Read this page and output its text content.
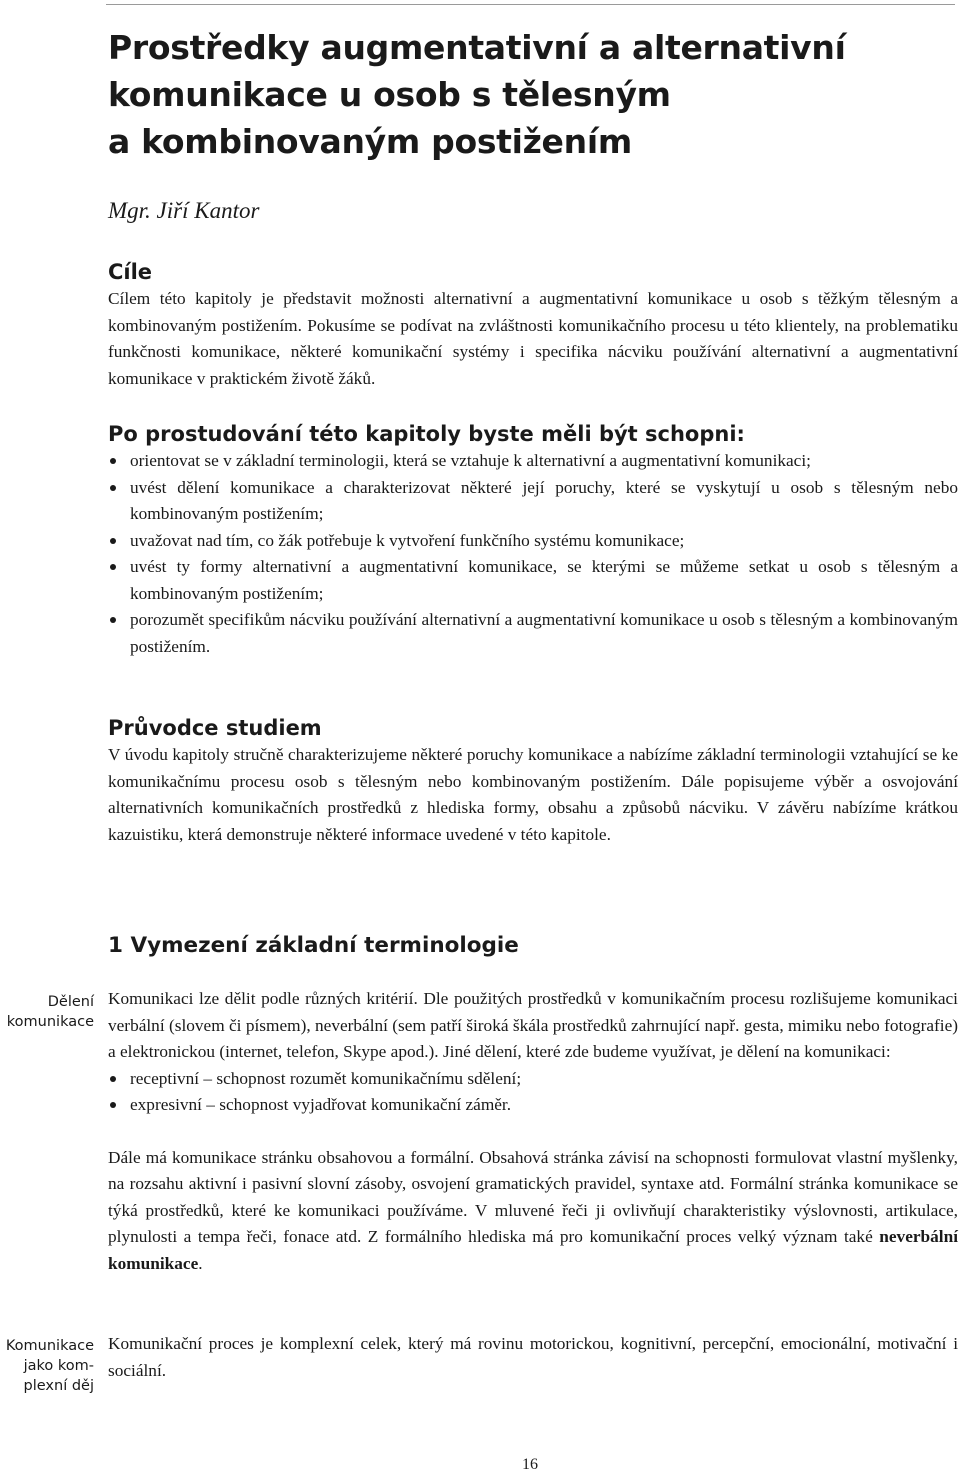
Prostředky augmentativní a alternativní
komunikace u osob s tělesným
a kombinovaným postižením

Mgr. Jiří Kantor

Cíle

Cílem této kapitoly je představit možnosti alternativní a augmentativní komunikace u osob s těžkým tělesným a kombinovaným postižením. Pokusíme se podívat na zvláštnosti komunikačního procesu u této klientely, na problematiku funkčnosti komunikace, některé komunikační systémy i specifika nácviku používání alternativní a augmentativní komunikace v praktickém životě žáků.

Po prostudování této kapitoly byste měli být schopni:
orientovat se v základní terminologii, která se vztahuje k alternativní a augmentativní komunikaci;
uvést dělení komunikace a charakterizovat některé její poruchy, které se vyskytují u osob s tělesným nebo kombinovaným postižením;
uvažovat nad tím, co žák potřebuje k vytvoření funkčního systému komunikace;
uvést ty formy alternativní a augmentativní komunikace, se kterými se můžeme setkat u osob s tělesným a kombinovaným postižením;
porozumět specifikům nácviku používání alternativní a augmentativní komunikace u osob s tělesným a kombinovaným postižením.
Průvodce studiem

V úvodu kapitoly stručně charakterizujeme některé poruchy komunikace a nabízíme základní terminologii vztahující se ke komunikačnímu procesu osob s tělesným nebo kombinovaným postižením. Dále popisujeme výběr a osvojování alternativních komunikačních prostředků z hlediska formy, obsahu a způsobů nácviku. V závěru nabízíme krátkou kazuistiku, která demonstruje některé informace uvedené v této kapitole.

1 Vymezení základní terminologie
Dělení
komunikace

Komunikaci lze dělit podle různých kritérií. Dle použitých prostředků v komunikačním procesu rozlišujeme komunikaci verbální (slovem či písmem), neverbální (sem patří široká škála prostředků zahrnující např. gesta, mimiku nebo fotografie) a elektronickou (internet, telefon, Skype apod.). Jiné dělení, které zde budeme využívat, je dělení na komunikaci:

receptivní – schopnost rozumět komunikačnímu sdělení;
expresivní – schopnost vyjadřovat komunikační záměr.

Dále má komunikace stránku obsahovou a formální. Obsahová stránka závisí na schopnosti formulovat vlastní myšlenky, na rozsahu aktivní i pasivní slovní zásoby, osvojení gramatických pravidel, syntaxe atd. Formální stránka komunikace se týká prostředků, které ke komunikaci používáme. V mluvené řeči ji ovlivňují charakteristiky výslovnosti, artikulace, plynulosti a tempa řeči, fonace atd. Z formálního hlediska má pro komunikační proces velký význam také neverbální komunikace.

Komunikace
jako kom-
plexní děj

Komunikační proces je komplexní celek, který má rovinu motorickou, kognitivní, percepční, emocionální, motivační i sociální.

16
